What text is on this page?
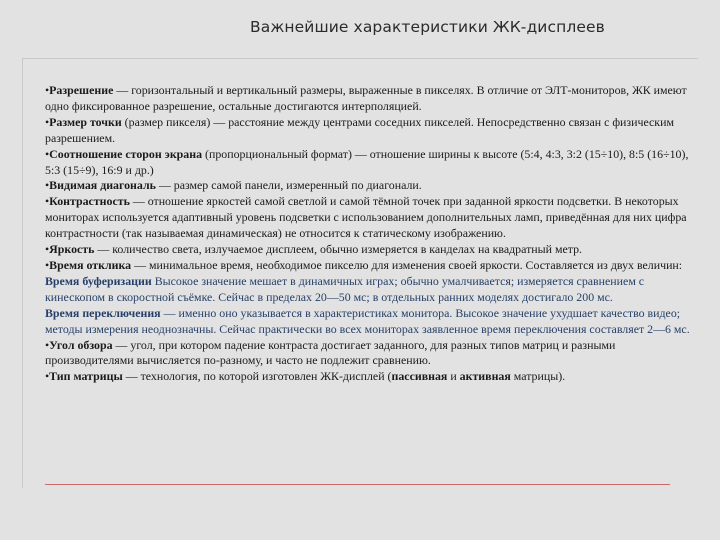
Важнейшие характеристики ЖК-дисплеев

•Разрешение — горизонтальный и вертикальный размеры, выраженные в пикселях. В отличие от ЭЛТ-мониторов, ЖК имеют одно фиксированное разрешение, остальные достигаются интерполяцией.

•Размер точки (размер пикселя) — расстояние между центрами соседних пикселей. Непосредственно связан с физическим разрешением.

•Соотношение сторон экрана (пропорциональный формат) — отношение ширины к высоте (5:4, 4:3, 3:2 (15÷10), 8:5 (16÷10), 5:3 (15÷9), 16:9 и др.)

•Видимая диагональ — размер самой панели, измеренный по диагонали.

•Контрастность — отношение яркостей самой светлой и самой тёмной точек при заданной яркости подсветки. В некоторых мониторах используется адаптивный уровень подсветки с использованием дополнительных ламп, приведённая для них цифра контрастности (так называемая динамическая) не относится к статическому изображению.

•Яркость — количество света, излучаемое дисплеем, обычно измеряется в канделах на квадратный метр.

•Время отклика — минимальное время, необходимое пикселю для изменения своей яркости. Составляется из двух величин:

Время буферизации Высокое значение мешает в динамичных играх; обычно умалчивается; измеряется сравнением с кинескопом в скоростной съёмке. Сейчас в пределах 20—50 мс; в отдельных ранних моделях достигало 200 мс.

Время переключения — именно оно указывается в характеристиках монитора. Высокое значение ухудшает качество видео; методы измерения неоднозначны. Сейчас практически во всех мониторах заявленное время переключения составляет 2—6 мс.

•Угол обзора — угол, при котором падение контраста достигает заданного, для разных типов матриц и разными производителями вычисляется по-разному, и часто не подлежит сравнению.

•Тип матрицы — технология, по которой изготовлен ЖК-дисплей (пассивная и активная матрицы).
